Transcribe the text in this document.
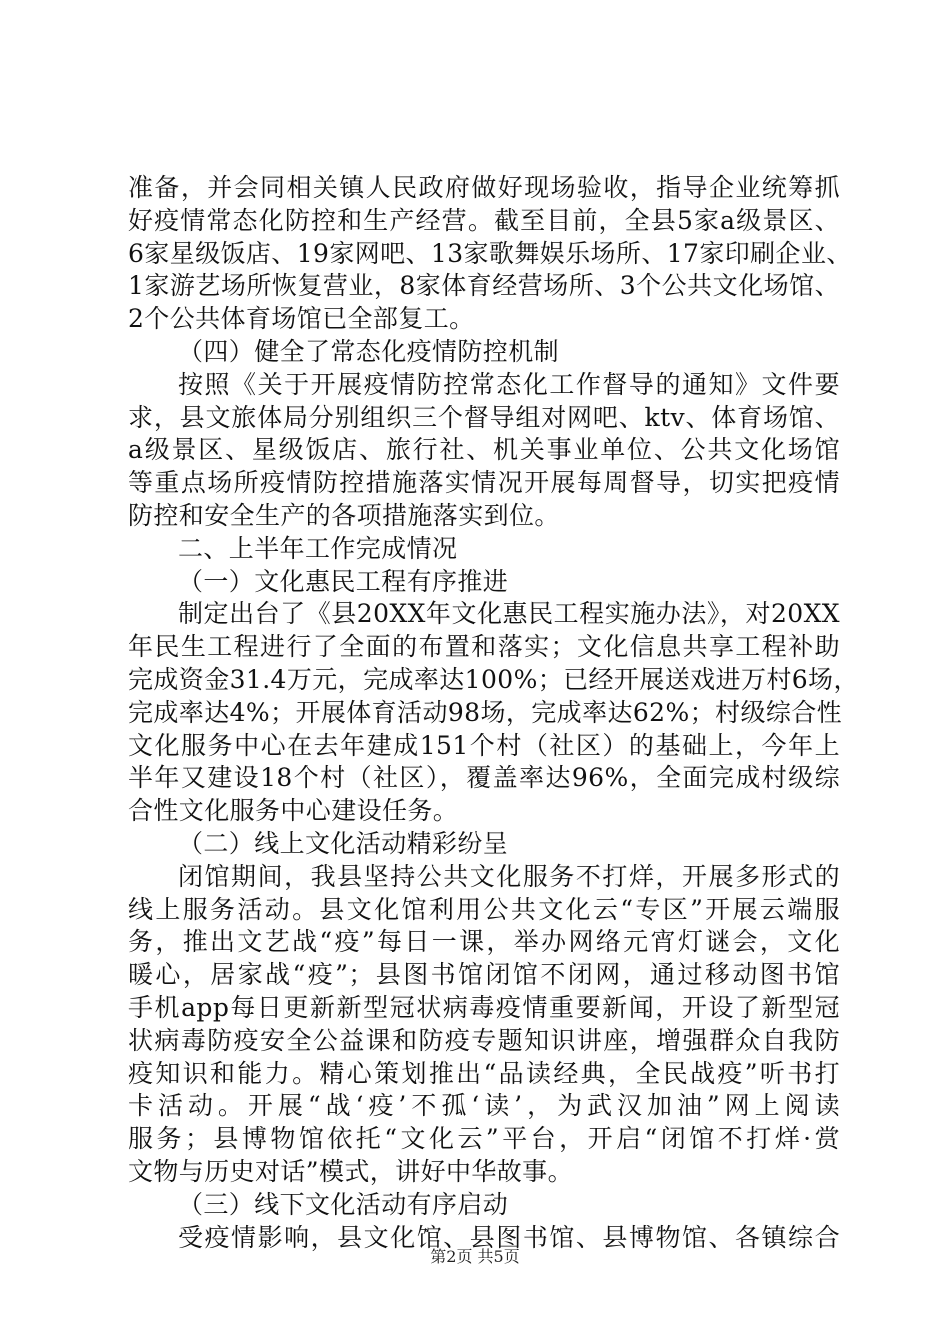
准备，并会同相关镇人民政府做好现场验收，指导企业统筹抓
好疫情常态化防控和生产经营。截至目前，全县5家a级景区、
6家星级饭店、19家网吧、13家歌舞娱乐场所、17家印刷企业、
1家游艺场所恢复营业，8家体育经营场所、3个公共文化场馆、
2个公共体育场馆已全部复工。
（四）健全了常态化疫情防控机制
按照《关于开展疫情防控常态化工作督导的通知》文件要
求，县文旅体局分别组织三个督导组对网吧、ktv、体育场馆、
a级景区、星级饭店、旅行社、机关事业单位、公共文化场馆
等重点场所疫情防控措施落实情况开展每周督导，切实把疫情
防控和安全生产的各项措施落实到位。
二、上半年工作完成情况
（一）文化惠民工程有序推进
制定出台了《县20XX年文化惠民工程实施办法》，对20XX
年民生工程进行了全面的布置和落实；文化信息共享工程补助
完成资金31.4万元，完成率达100%；已经开展送戏进万村6场，
完成率达4%；开展体育活动98场，完成率达62%；村级综合性
文化服务中心在去年建成151个村（社区）的基础上，今年上
半年又建设18个村（社区），覆盖率达96%，全面完成村级综
合性文化服务中心建设任务。
（二）线上文化活动精彩纷呈
闭馆期间，我县坚持公共文化服务不打烊，开展多形式的
线上服务活动。县文化馆利用公共文化云“专区”开展云端服
务，推出文艺战“疫”每日一课，举办网络元宵灯谜会，文化
暖心，居家战“疫”；县图书馆闭馆不闭网，通过移动图书馆
手机app每日更新新型冠状病毒疫情重要新闻，开设了新型冠
状病毒防疫安全公益课和防疫专题知识讲座，增强群众自我防
疫知识和能力。精心策划推出“品读经典，全民战疫”听书打
卡活动。开展“战‘疫’不孤‘读’，为武汉加油”网上阅读
服务；县博物馆依托“文化云”平台，开启“闭馆不打烊·赏
文物与历史对话”模式，讲好中华故事。
（三）线下文化活动有序启动
受疫情影响，县文化馆、县图书馆、县博物馆、各镇综合
第2页 共5页
